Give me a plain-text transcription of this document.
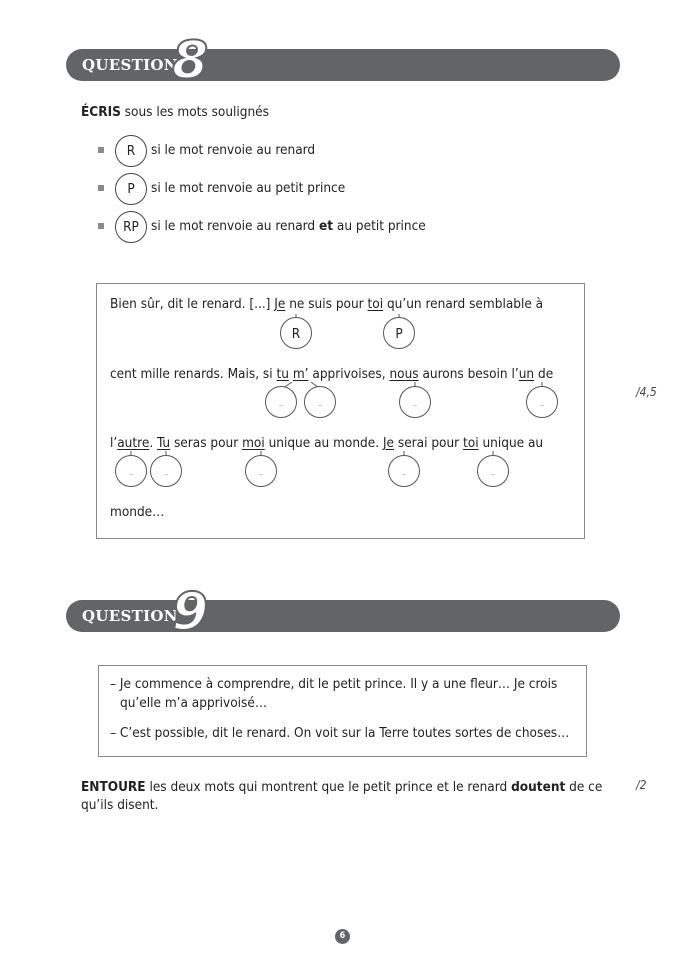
QUESTION
8
ÉCRIS sous les mots soulignés
R	si le mot renvoie au renard
P	si le mot renvoie au petit prince
RP si le mot renvoie au renard et au petit prince
Bien sûr, dit le renard. [...] Je ne suis pour toi qu’un renard semblable à
cent mille renards. Mais, si tu m’ apprivoises, nous aurons besoin l’un de
l’autre. Tu seras pour moi unique au monde. Je serai pour toi unique au
monde…
R	P
_	_	_	_
_	_	_	_	_
/4,5
QUESTION
9
– Je commence à comprendre, dit le petit prince. Il y a une fleur… Je crois
qu’elle m’a apprivoisé…
– C’est possible, dit le renard. On voit sur la Terre toutes sortes de choses…
ENTOURE les deux mots qui montrent que le petit prince et le renard doutent de ce
qu’ils disent.
/2
6
